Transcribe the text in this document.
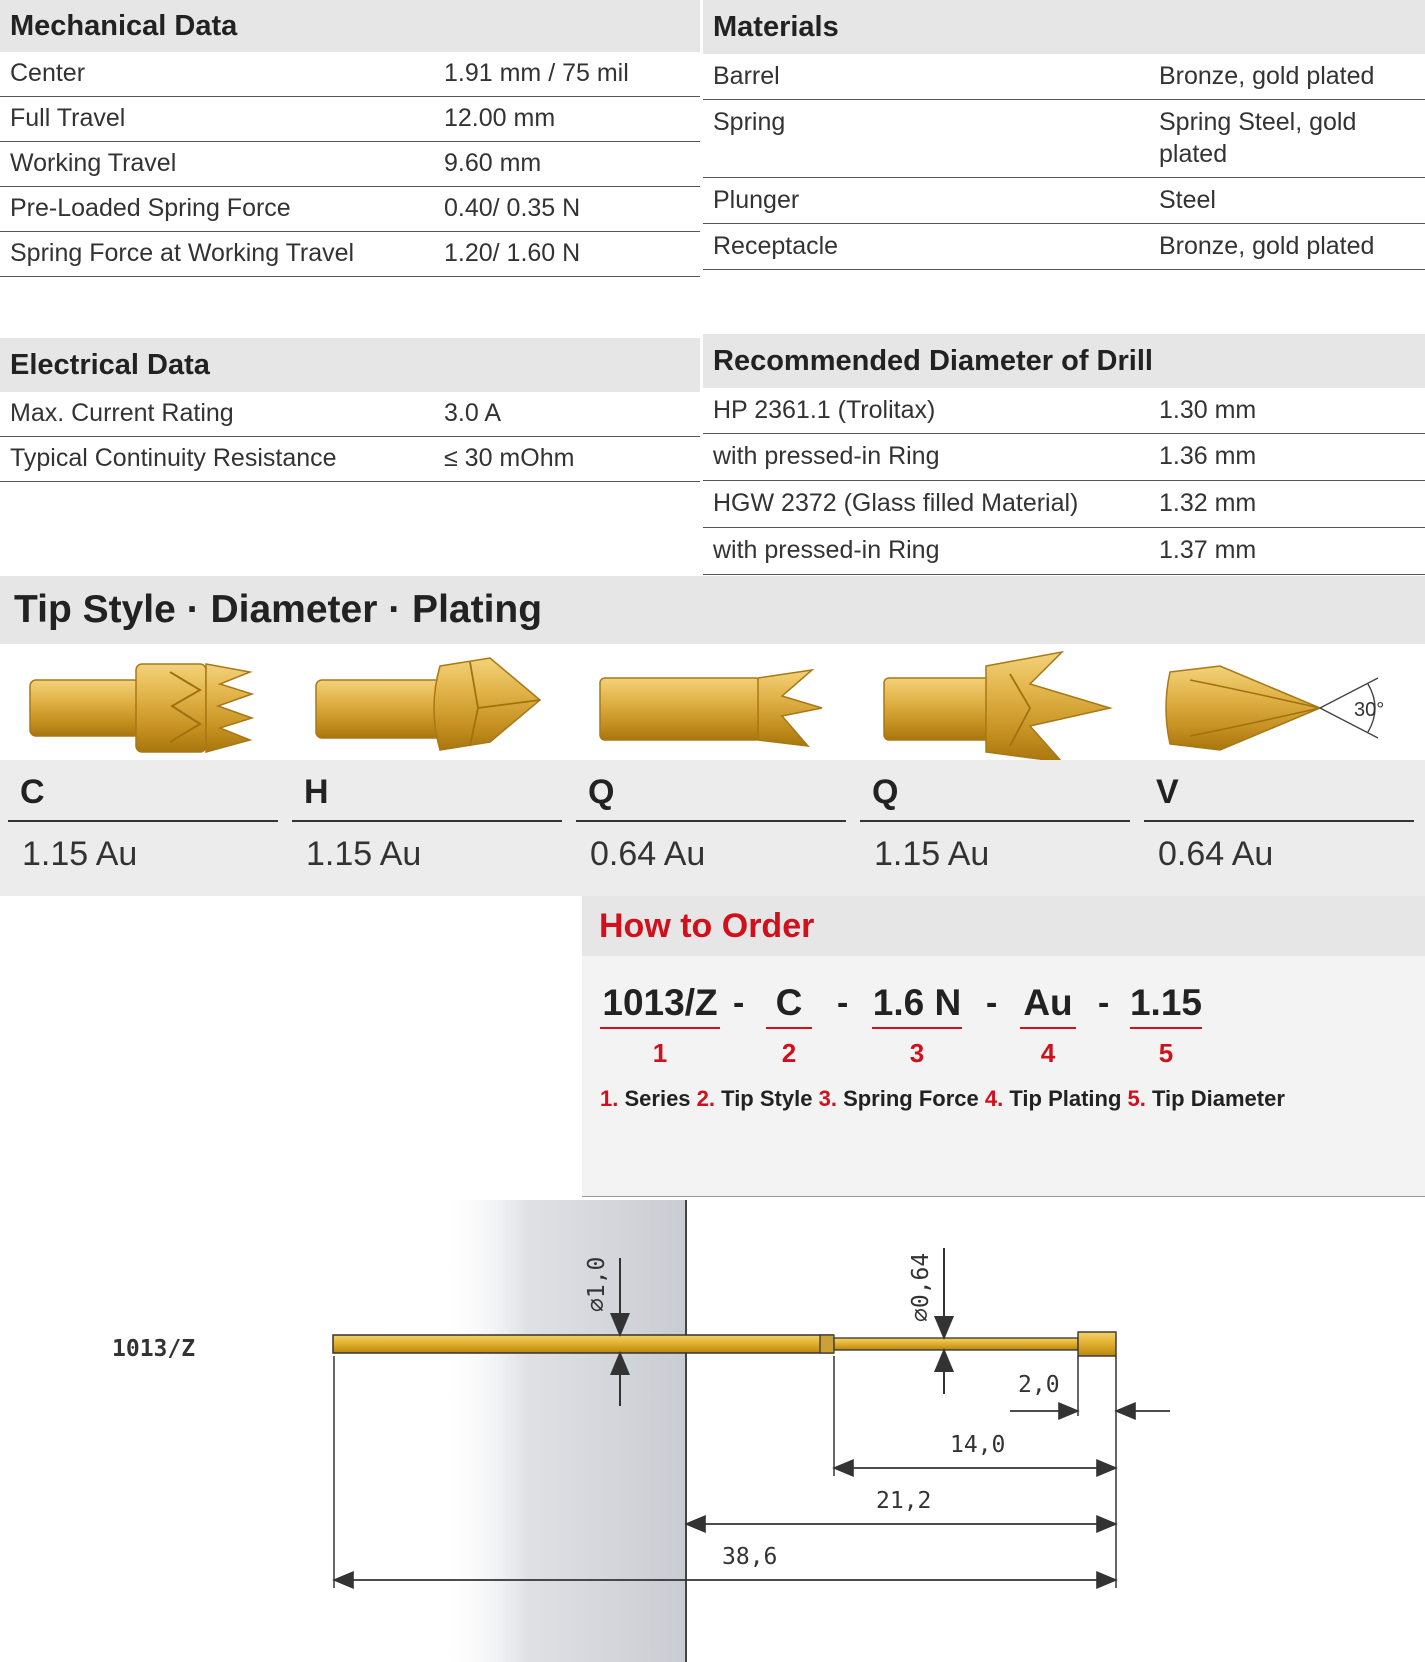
Mechanical Data
Center	1.91 mm / 75 mil
Full Travel	12.00 mm
Working Travel	9.60 mm
Pre-Loaded Spring Force	0.40/ 0.35 N
Spring Force at Working Travel	1.20/ 1.60 N
Materials
Barrel	Bronze, gold plated
Spring	Spring Steel, gold plated
Plunger	Steel
Receptacle	Bronze, gold plated
Electrical Data
Max. Current Rating	3.0 A
Typical Continuity Resistance	≤ 30 mOhm
Recommended Diameter of Drill
HP 2361.1 (Trolitax)	1.30 mm
with pressed-in Ring	1.36 mm
HGW 2372 (Glass filled Material)	1.32 mm
with pressed-in Ring	1.37 mm
Tip Style · Diameter · Plating
30°
C
1.15 Au
H
1.15 Au
Q
0.64 Au
Q
1.15 Au
V
0.64 Au
How to Order
1013/Z
1
- C
2
- 1.6 N
3
- Au
4
- 1.15
5
1. Series 2. Tip Style 3. Spring Force 4. Tip Plating 5. Tip Diameter
1013/Z
⌀1,0	⌀0,64
2,0
14,0
21,2
38,6
